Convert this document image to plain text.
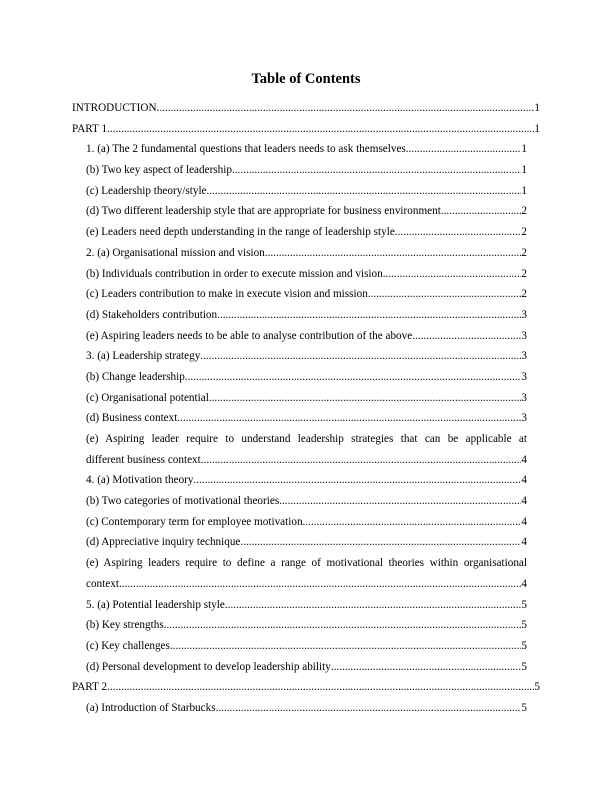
Table of Contents
INTRODUCTION .....	1
PART 1 .....	1
1. (a) The 2 fundamental questions that leaders needs to ask themselves .....	1
(b) Two key aspect of leadership .....	1
(c) Leadership theory/style .....	1
(d) Two different leadership style that are appropriate for business environment .....	2
(e) Leaders need depth understanding in the range of leadership style .....	2
2. (a) Organisational mission and vision .....	2
(b) Individuals contribution in order to execute mission and vision .....	2
(c) Leaders contribution to make in execute vision and mission .....	2
(d) Stakeholders contribution .....	3
(e) Aspiring leaders needs to be able to analyse contribution of the above .....	3
3. (a) Leadership strategy .....	3
(b) Change leadership .....	3
(c) Organisational potential .....	3
(d) Business context .....	3
(e) Aspiring leader require to understand leadership strategies that can be applicable at
different business context .....	4
4. (a) Motivation theory .....	4
(b) Two categories of motivational theories .....	4
(c) Contemporary term for employee motivation .....	4
(d) Appreciative inquiry technique .....	4
(e) Aspiring leaders require to define a range of motivational theories within organisational
context .....	4
5. (a) Potential leadership style .....	5
(b) Key strengths .....	5
(c) Key challenges .....	5
(d) Personal development to develop leadership ability .....	5
PART 2 .....	5
(a) Introduction of Starbucks .....	5
